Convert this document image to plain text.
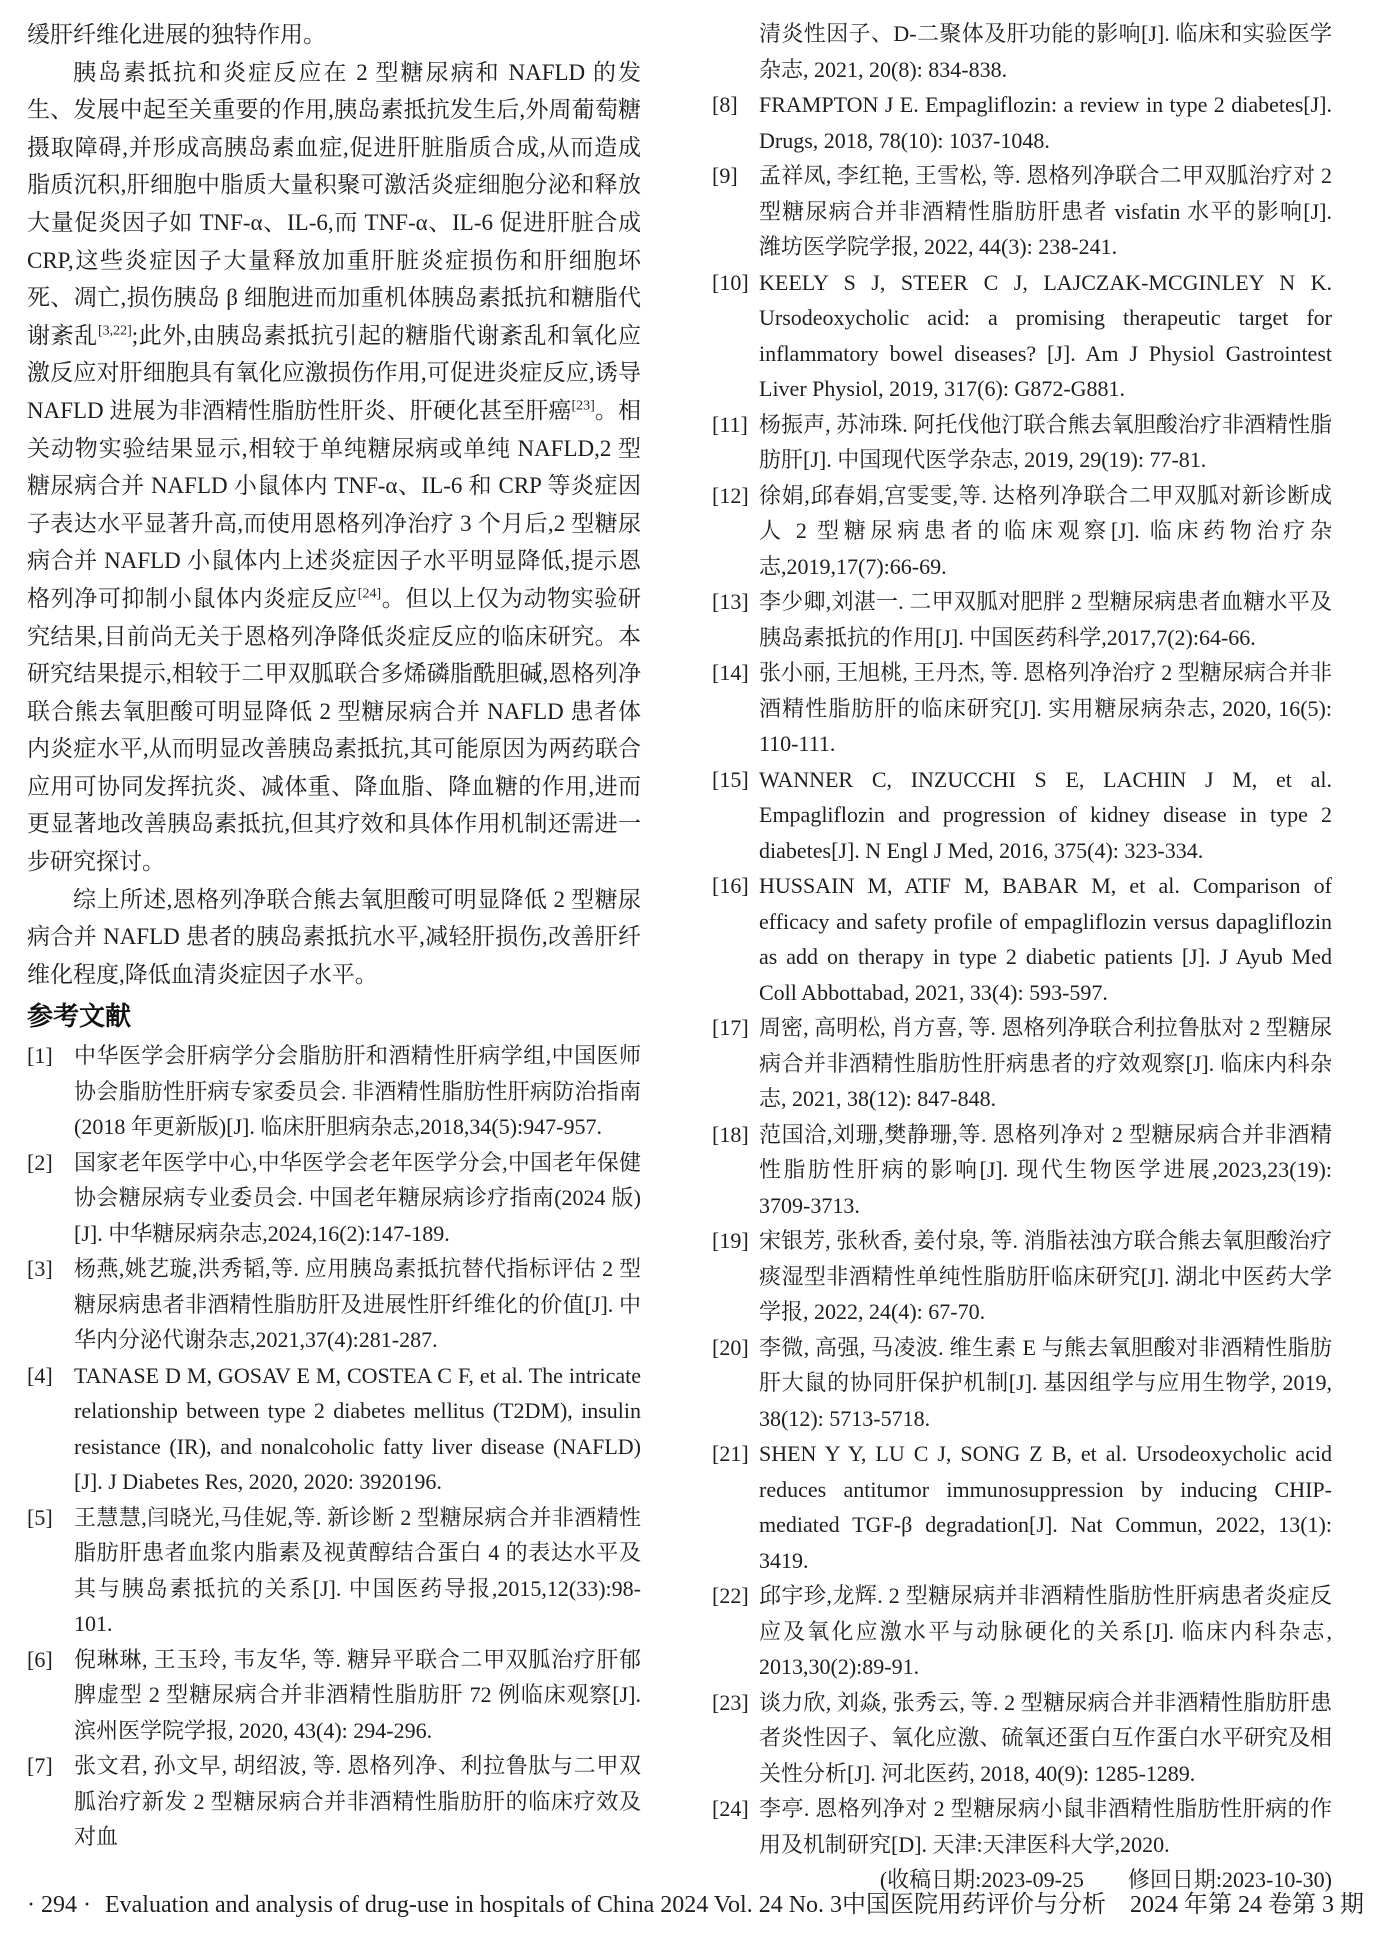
缓肝纤维化进展的独特作用。

胰岛素抵抗和炎症反应在 2 型糖尿病和 NAFLD 的发生、发展中起至关重要的作用,胰岛素抵抗发生后,外周葡萄糖摄取障碍,并形成高胰岛素血症,促进肝脏脂质合成,从而造成脂质沉积,肝细胞中脂质大量积聚可激活炎症细胞分泌和释放大量促炎因子如 TNF-α、IL-6,而 TNF-α、IL-6 促进肝脏合成 CRP,这些炎症因子大量释放加重肝脏炎症损伤和肝细胞坏死、凋亡,损伤胰岛 β 细胞进而加重机体胰岛素抵抗和糖脂代谢紊乱[3,22];此外,由胰岛素抵抗引起的糖脂代谢紊乱和氧化应激反应对肝细胞具有氧化应激损伤作用,可促进炎症反应,诱导 NAFLD 进展为非酒精性脂肪性肝炎、肝硬化甚至肝癌[23]。相关动物实验结果显示,相较于单纯糖尿病或单纯 NAFLD,2 型糖尿病合并 NAFLD 小鼠体内 TNF-α、IL-6 和 CRP 等炎症因子表达水平显著升高,而使用恩格列净治疗 3 个月后,2 型糖尿病合并 NAFLD 小鼠体内上述炎症因子水平明显降低,提示恩格列净可抑制小鼠体内炎症反应[24]。但以上仅为动物实验研究结果,目前尚无关于恩格列净降低炎症反应的临床研究。本研究结果提示,相较于二甲双胍联合多烯磷脂酰胆碱,恩格列净联合熊去氧胆酸可明显降低 2 型糖尿病合并 NAFLD 患者体内炎症水平,从而明显改善胰岛素抵抗,其可能原因为两药联合应用可协同发挥抗炎、减体重、降血脂、降血糖的作用,进而更显著地改善胰岛素抵抗,但其疗效和具体作用机制还需进一步研究探讨。

综上所述,恩格列净联合熊去氧胆酸可明显降低 2 型糖尿病合并 NAFLD 患者的胰岛素抵抗水平,减轻肝损伤,改善肝纤维化程度,降低血清炎症因子水平。

参考文献
[1] 中华医学会肝病学分会脂肪肝和酒精性肝病学组,中国医师协会脂肪性肝病专家委员会. 非酒精性脂肪性肝病防治指南(2018 年更新版)[J]. 临床肝胆病杂志,2018,34(5):947-957.
[2] 国家老年医学中心,中华医学会老年医学分会,中国老年保健协会糖尿病专业委员会. 中国老年糖尿病诊疗指南(2024 版)[J]. 中华糖尿病杂志,2024,16(2):147-189.
[3] 杨燕,姚艺璇,洪秀韬,等. 应用胰岛素抵抗替代指标评估 2 型糖尿病患者非酒精性脂肪肝及进展性肝纤维化的价值[J]. 中华内分泌代谢杂志,2021,37(4):281-287.
[4] TANASE D M, GOSAV E M, COSTEA C F, et al. The intricate relationship between type 2 diabetes mellitus (T2DM), insulin resistance (IR), and nonalcoholic fatty liver disease (NAFLD)[J]. J Diabetes Res, 2020, 2020: 3920196.
[5] 王慧慧,闫晓光,马佳妮,等. 新诊断 2 型糖尿病合并非酒精性脂肪肝患者血浆内脂素及视黄醇结合蛋白 4 的表达水平及其与胰岛素抵抗的关系[J]. 中国医药导报,2015,12(33):98-101.
[6] 倪琳琳, 王玉玲, 韦友华, 等. 糖异平联合二甲双胍治疗肝郁脾虚型 2 型糖尿病合并非酒精性脂肪肝 72 例临床观察[J]. 滨州医学院学报, 2020, 43(4): 294-296.
[7] 张文君, 孙文早, 胡绍波, 等. 恩格列净、利拉鲁肽与二甲双胍治疗新发 2 型糖尿病合并非酒精性脂肪肝的临床疗效及对血
清炎性因子、D-二聚体及肝功能的影响[J]. 临床和实验医学杂志, 2021, 20(8): 834-838.
[8] FRAMPTON J E. Empagliflozin: a review in type 2 diabetes[J]. Drugs, 2018, 78(10): 1037-1048.
[9] 孟祥凤, 李红艳, 王雪松, 等. 恩格列净联合二甲双胍治疗对 2 型糖尿病合并非酒精性脂肪肝患者 visfatin 水平的影响[J]. 潍坊医学院学报, 2022, 44(3): 238-241.
[10] KEELY S J, STEER C J, LAJCZAK-MCGINLEY N K. Ursodeoxycholic acid: a promising therapeutic target for inflammatory bowel diseases? [J]. Am J Physiol Gastrointest Liver Physiol, 2019, 317(6): G872-G881.
[11] 杨振声, 苏沛珠. 阿托伐他汀联合熊去氧胆酸治疗非酒精性脂肪肝[J]. 中国现代医学杂志, 2019, 29(19): 77-81.
[12] 徐娟,邱春娟,宫雯雯,等. 达格列净联合二甲双胍对新诊断成人 2 型糖尿病患者的临床观察[J]. 临床药物治疗杂志,2019,17(7):66-69.
[13] 李少卿,刘湛一. 二甲双胍对肥胖 2 型糖尿病患者血糖水平及胰岛素抵抗的作用[J]. 中国医药科学,2017,7(2):64-66.
[14] 张小丽, 王旭桃, 王丹杰, 等. 恩格列净治疗 2 型糖尿病合并非酒精性脂肪肝的临床研究[J]. 实用糖尿病杂志, 2020, 16(5): 110-111.
[15] WANNER C, INZUCCHI S E, LACHIN J M, et al. Empagliflozin and progression of kidney disease in type 2 diabetes[J]. N Engl J Med, 2016, 375(4): 323-334.
[16] HUSSAIN M, ATIF M, BABAR M, et al. Comparison of efficacy and safety profile of empagliflozin versus dapagliflozin as add on therapy in type 2 diabetic patients [J]. J Ayub Med Coll Abbottabad, 2021, 33(4): 593-597.
[17] 周密, 高明松, 肖方喜, 等. 恩格列净联合利拉鲁肽对 2 型糖尿病合并非酒精性脂肪性肝病患者的疗效观察[J]. 临床内科杂志, 2021, 38(12): 847-848.
[18] 范国洽,刘珊,樊静珊,等. 恩格列净对 2 型糖尿病合并非酒精性脂肪性肝病的影响[J]. 现代生物医学进展,2023,23(19): 3709-3713.
[19] 宋银芳, 张秋香, 姜付泉, 等. 消脂祛浊方联合熊去氧胆酸治疗痰湿型非酒精性单纯性脂肪肝临床研究[J]. 湖北中医药大学学报, 2022, 24(4): 67-70.
[20] 李微, 高强, 马凌波. 维生素 E 与熊去氧胆酸对非酒精性脂肪肝大鼠的协同肝保护机制[J]. 基因组学与应用生物学, 2019, 38(12): 5713-5718.
[21] SHEN Y Y, LU C J, SONG Z B, et al. Ursodeoxycholic acid reduces antitumor immunosuppression by inducing CHIP-mediated TGF-β degradation[J]. Nat Commun, 2022, 13(1): 3419.
[22] 邱宇珍,龙辉. 2 型糖尿病并非酒精性脂肪性肝病患者炎症反应及氧化应激水平与动脉硬化的关系[J]. 临床内科杂志, 2013,30(2):89-91.
[23] 谈力欣, 刘焱, 张秀云, 等. 2 型糖尿病合并非酒精性脂肪肝患者炎性因子、氧化应激、硫氧还蛋白互作蛋白水平研究及相关性分析[J]. 河北医药, 2018, 40(9): 1285-1289.
[24] 李亭. 恩格列净对 2 型糖尿病小鼠非酒精性脂肪性肝病的作用及机制研究[D]. 天津:天津医科大学,2020.

(收稿日期:2023-09-25　　修回日期:2023-10-30)

· 294 · Evaluation and analysis of drug-use in hospitals of China 2024 Vol. 24 No. 3 中国医院用药评价与分析　2024 年第 24 卷第 3 期
